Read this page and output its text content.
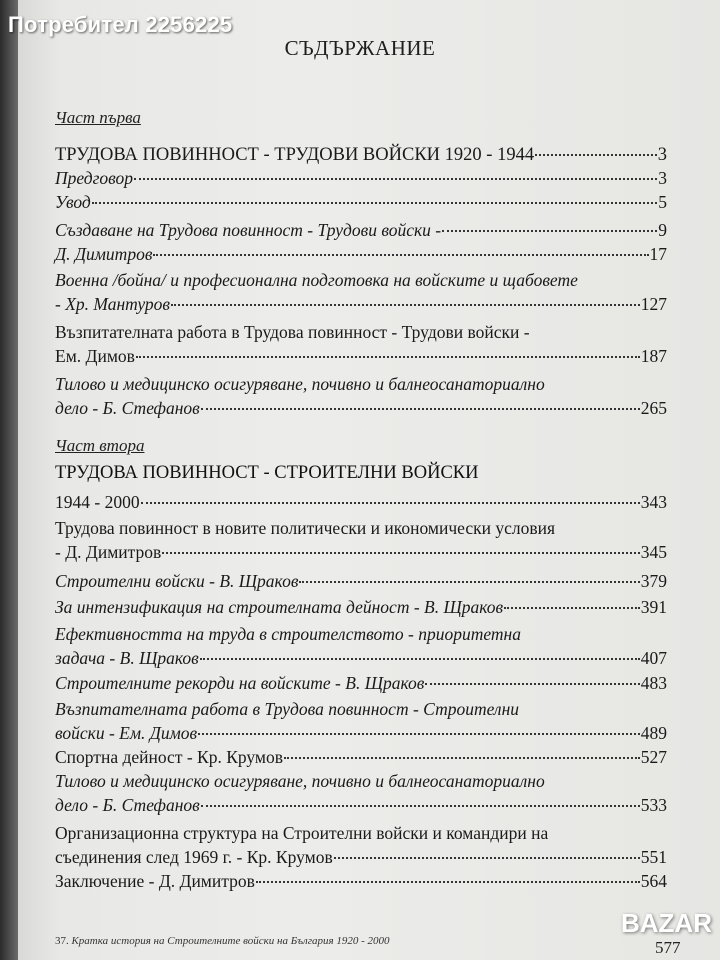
Потребител 2256225
СЪДЪРЖАНИЕ
Част първа
ТРУДОВА ПОВИННОСТ - ТРУДОВИ ВОЙСКИ 1920 - 1944	3
Предговор	3
Увод	5
Създаване на Трудова повинност - Трудови войски -	9
Д. Димитров	17
Военна /бойна/ и професионална подготовка на войските и щабовете
- Хр. Мантуров	127
Възпитателната работа в Трудова повинност - Трудови войски -
Ем. Димов	187
Тилово и медицинско осигуряване, почивно и балнеосанаториално
дело - Б. Стефанов	265
Част втора
ТРУДОВА ПОВИННОСТ - СТРОИТЕЛНИ ВОЙСКИ
1944 - 2000	343
Трудова повинност в новите политически и икономически условия
- Д. Димитров	345
Строителни войски - В. Щраков	379
За интензификация на строителната дейност - В. Щраков	391
Ефективността на труда в строителството - приоритетна
задача - В. Щраков	407
Строителните рекорди на войските - В. Щраков	483
Възпитателната работа в Трудова повинност - Строителни
войски - Ем. Димов	489
Спортна дейност - Кр. Крумов	527
Тилово и медицинско осигуряване, почивно и балнеосанаториално
дело - Б. Стефанов	533
Организационна структура на Строителни войски и командири на
съединения след 1969 г. - Кр. Крумов	551
Заключение - Д. Димитров	564
37. Кратка история на Строителните войски на България 1920 - 2000	577
BAZAR
